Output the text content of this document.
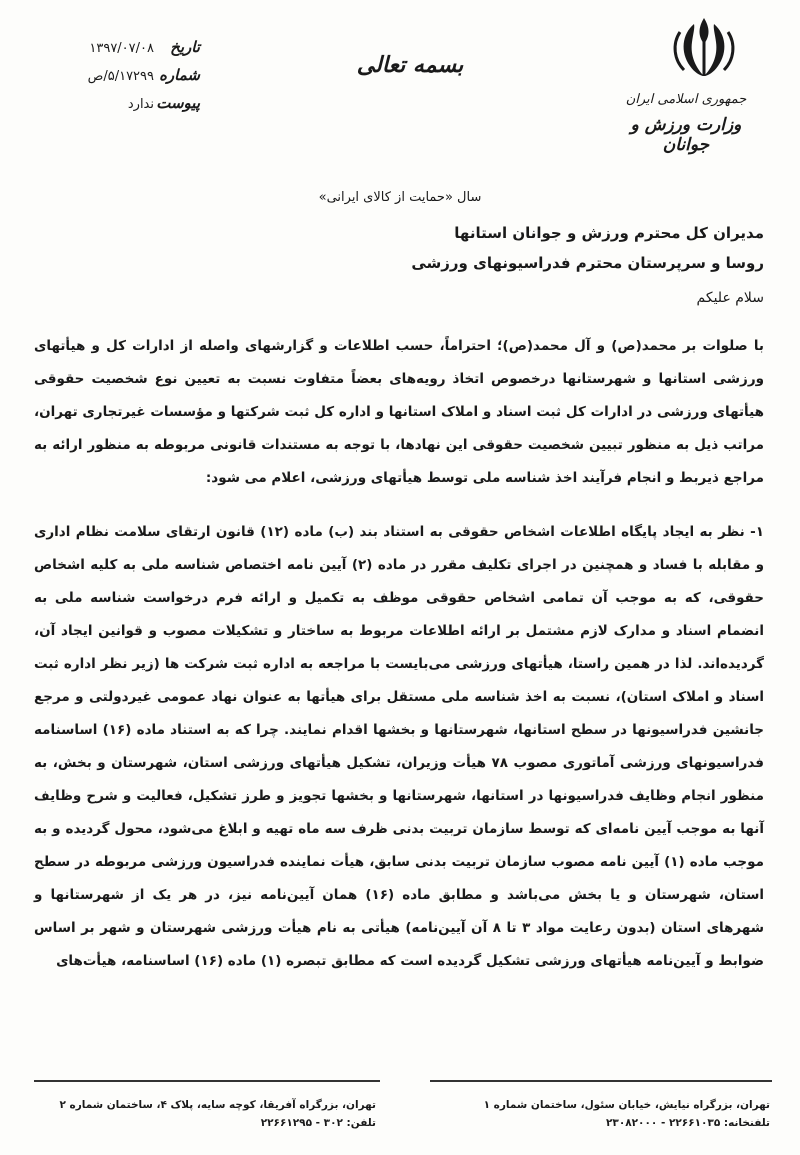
جمهوری اسلامی ایران
وزارت ورزش و جوانان
بسمه تعالی
تاریخ
۱۳۹۷/۰۷/۰۸
شماره
۵/۱۷۲۹۹/ص
پیوست
ندارد
سال «حمایت از کالای ایرانی»
مدیران کل محترم ورزش و جوانان استانها
روسا و سرپرستان محترم فدراسیونهای ورزشی
سلام علیکم
با صلوات بر محمد(ص) و آل محمد(ص)؛ احتراماً، حسب اطلاعات و گزارشهای واصله از ادارات کل و هیأتهای ورزشی استانها و شهرستانها درخصوص اتخاذ رویه‌های بعضاً متفاوت نسبت به تعیین نوع شخصیت حقوقی هیأتهای ورزشی در ادارات کل ثبت اسناد و املاک استانها و اداره کل ثبت شرکتها و مؤسسات غیرتجاری تهران، مراتب ذیل به منظور تبیین شخصیت حقوقی این نهادها، با توجه به مستندات قانونی مربوطه به منظور ارائه به مراجع ذیربط و انجام فرآیند اخذ شناسه ملی توسط هیأتهای ورزشی، اعلام می شود:
۱- نظر به ایجاد پایگاه اطلاعات اشخاص حقوقی به استناد بند (ب) ماده (۱۲) قانون ارتقای سلامت نظام اداری و مقابله با فساد و همچنین در اجرای تکلیف مقرر در ماده (۲) آیین نامه اختصاص شناسه ملی به کلیه اشخاص حقوقی، که به موجب آن تمامی اشخاص حقوقی موظف به تکمیل و ارائه فرم درخواست شناسه ملی به انضمام اسناد و مدارک لازم مشتمل بر ارائه اطلاعات مربوط به ساختار و تشکیلات مصوب و قوانین ایجاد آن، گردیده‌اند. لذا در همین راستا، هیأتهای ورزشی می‌بایست با مراجعه به اداره ثبت شرکت ها (زیر نظر اداره ثبت اسناد و املاک استان)، نسبت به اخذ شناسه ملی مستقل برای هیأتها به عنوان نهاد عمومی غیردولتی و مرجع جانشین فدراسیونها در سطح استانها، شهرستانها و بخشها اقدام نمایند. چرا که به استناد ماده (۱۶) اساسنامه فدراسیونهای ورزشی آماتوری مصوب ۷۸ هیأت وزیران، تشکیل هیأتهای ورزشی استان، شهرستان و بخش، به منظور انجام وظایف فدراسیونها در استانها، شهرستانها و بخشها تجویز و طرز تشکیل، فعالیت و شرح وظایف آنها به موجب آیین نامه‌ای که توسط سازمان تربیت بدنی ظرف سه ماه تهیه و ابلاغ می‌شود، محول گردیده و به موجب ماده (۱) آیین نامه مصوب سازمان تربیت بدنی سابق، هیأت نماینده فدراسیون ورزشی مربوطه در سطح استان، شهرستان و یا بخش می‌باشد و مطابق ماده (۱۶) همان آیین‌نامه نیز، در هر یک از شهرستانها و شهرهای استان (بدون رعایت مواد ۳ تا ۸ آن آیین‌نامه) هیأتی به نام هیأت ورزشی شهرستان و شهر بر اساس ضوابط و آیین‌نامه هیأتهای ورزشی تشکیل گردیده است که مطابق تبصره (۱) ماده (۱۶) اساسنامه، هیأت‌های
تهران، بزرگراه نیایش، خیابان سئول، ساختمان شماره ۱
تلفنخانه: ۲۲۶۶۱۰۳۵ - ۲۳۰۸۲۰۰۰
تهران، بزرگراه آفریقا، کوچه سایه، پلاک ۴، ساختمان شماره ۲
تلفن: ۳۰۲ - ۲۲۶۶۱۲۹۵
